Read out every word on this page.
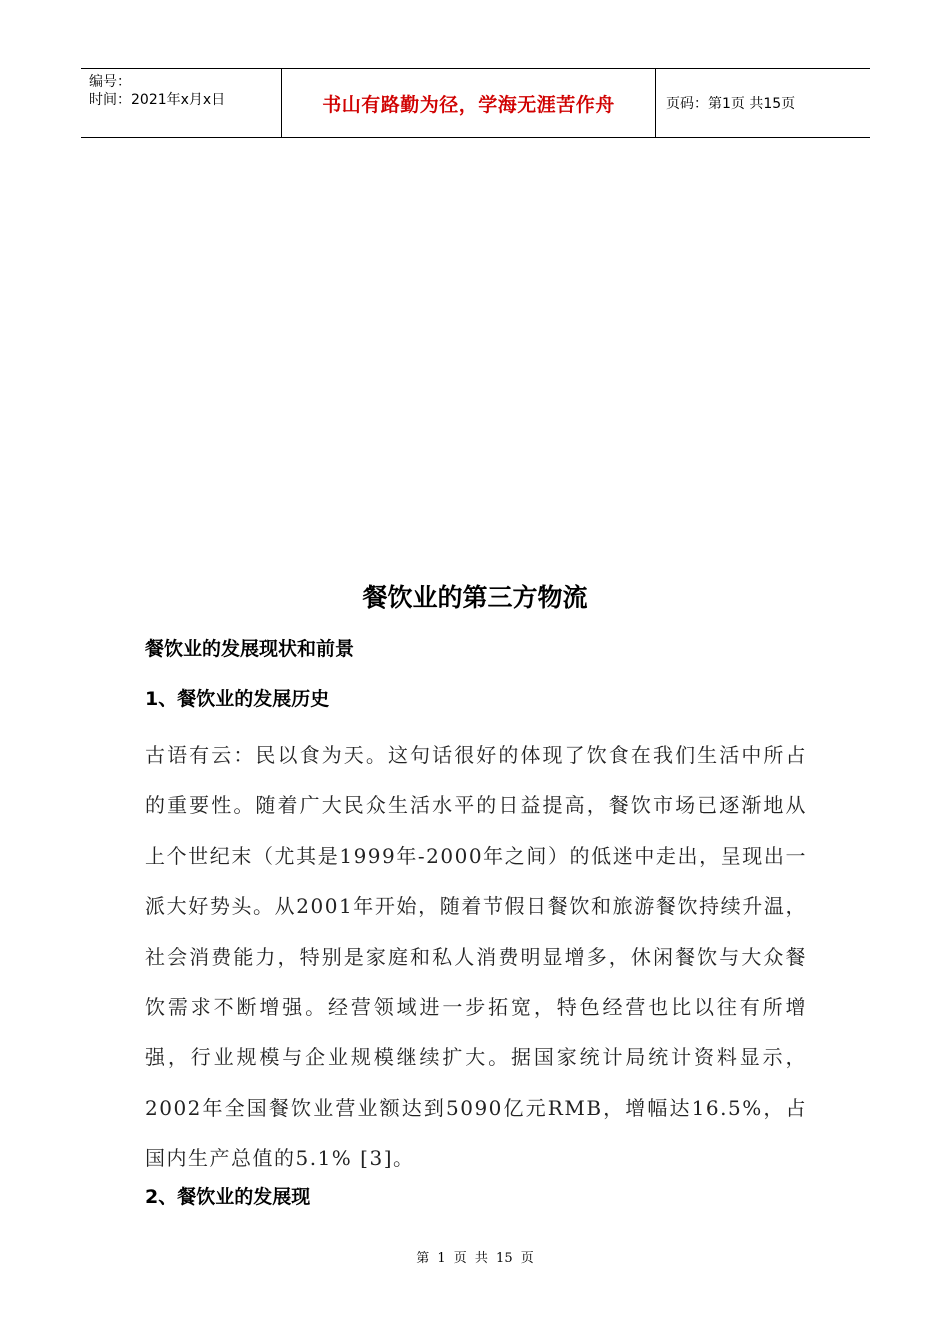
编号：
时间：2021年x月x日	书山有路勤为径，学海无涯苦作舟	页码：第1页 共15页
餐饮业的第三方物流
餐饮业的发展现状和前景
1、餐饮业的发展历史

古语有云：民以食为天。这句话很好的体现了饮食在我们生活中所占的重要性。随着广大民众生活水平的日益提高，餐饮市场已逐渐地从上个世纪末（尤其是1999年-2000年之间）的低迷中走出，呈现出一派大好势头。从2001年开始，随着节假日餐饮和旅游餐饮持续升温，社会消费能力，特别是家庭和私人消费明显增多，休闲餐饮与大众餐饮需求不断增强。经营领域进一步拓宽，特色经营也比以往有所增强，行业规模与企业规模继续扩大。据国家统计局统计资料显示，2002年全国餐饮业营业额达到5090亿元RMB，增幅达16.5%，占国内生产总值的5.1% [3]。

2、餐饮业的发展现
第 1 页 共 15 页
